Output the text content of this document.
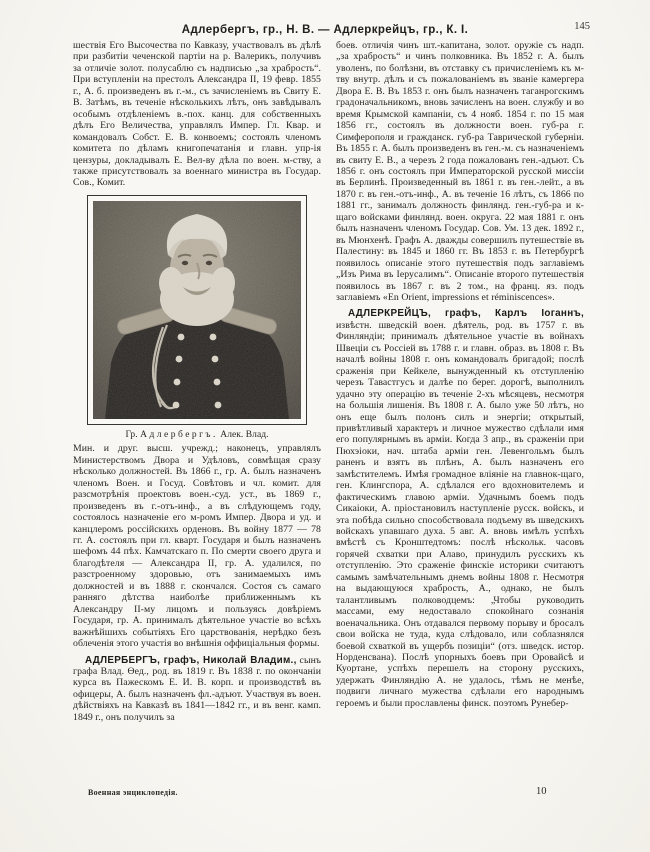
Адлербергъ, гр., Н. В. — Адлеркрейцъ, гр., К. I.	145

шествія Его Высочества по Кавказу, участвовалъ въ дѣлѣ при разбитіи чеченской партіи на р. Валерикъ, получивъ за отличіе золот. полусаблю съ надписью „за храбрость“. При вступленіи на престолъ Александра II, 19 февр. 1855 г., А. б. произведенъ въ г.-м., съ зачисленіемъ въ Свиту Е. В. Затѣмъ, въ теченіе нѣсколькихъ лѣтъ, онъ завѣдывалъ особымъ отдѣленіемъ в.-пох. канц. для собственныхъ дѣлъ Его Величества, управлялъ Импер. Гл. Квар. и командовалъ Собст. Е. В. конвоемъ; состоялъ членомъ комитета по дѣламъ книгопечатанія и главн. упр-ія цензуры, докладывалъ Е. Вел-ву дѣла по воен. м-ству, а также присутствовалъ за военнаго министра въ Государ. Сов., Комит.

Гр. Адлербергъ. Алек. Влад.

Мин. и друг. высш. учрежд.; наконецъ, управлялъ Министерствомъ Двора и Удѣловъ, совмѣщая сразу нѣсколько должностей. Въ 1866 г., гр. А. былъ назначенъ членомъ Воен. и Госуд. Совѣтовъ и чл. комит. для разсмотрѣнія проектовъ воен.-суд. уст., въ 1869 г., произведенъ въ г.-отъ-инф., а въ слѣдующемъ году, состоялось назначеніе его м-ромъ Импер. Двора и уд. и канцлеромъ россійскихъ орденовъ. Въ войну 1877 — 78 гг. А. состоялъ при гл. кварт. Государя и былъ назначенъ шефомъ 44 пѣх. Камчатскаго п. По смерти своего друга и благодѣтеля — Александра II, гр. А. удалился, по разстроенному здоровью, отъ занимаемыхъ имъ должностей и въ 1888 г. скончался. Состоя съ самаго ранняго дѣтства наиболѣе приближеннымъ къ Александру II-му лицомъ и пользуясь довѣріемъ Государя, гр. А. принималъ дѣятельное участіе во всѣхъ важнѣйшихъ событіяхъ Его царствованія, нерѣдко безъ облеченія этого участія во внѣшнія оффиціальныя формы.

АДЛЕРБЕРГЪ, графъ, Николай Владим., сынъ графа Влад. Ѳед., род. въ 1819 г. Въ 1838 г. по окончаніи курса въ Пажескомъ Е. И. В. корп. и производствѣ въ офицеры, А. былъ назначенъ фл.-адъют. Участвуя въ воен. дѣйствіяхъ на Кавказѣ въ 1841—1842 гг., и въ венг. камп. 1849 г., онъ получилъ за

боев. отличія чинъ шт.-капитана, золот. оружіе съ надп. „за храбрость“ и чинъ полковника. Въ 1852 г. А. былъ уволенъ, по болѣзни, въ отставку съ причисленіемъ къ м-тву внутр. дѣлъ и съ пожалованіемъ въ званіе камергера Двора Е. В. Въ 1853 г. онъ былъ назначенъ таганрогскимъ градоначальникомъ, вновь зачисленъ на воен. службу и во время Крымской кампаніи, съ 4 нояб. 1854 г. по 15 мая 1856 гг., состоялъ въ должности воен. губ-ра г. Симферополя и гражданск. губ-ра Таврической губерніи. Въ 1855 г. А. былъ произведенъ въ ген.-м. съ назначеніемъ въ свиту Е. В., а черезъ 2 года пожалованъ ген.-адъют. Съ 1856 г. онъ состоялъ при Императорской русской миссіи въ Берлинѣ. Произведенный въ 1861 г. въ ген.-лейт., а въ 1870 г. въ ген.-отъ-инф., А. въ теченіе 16 лѣтъ, съ 1866 по 1881 гг., занималъ должность финлянд. ген.-губ-ра и к-щаго войсками финлянд. воен. округа. 22 мая 1881 г. онъ былъ назначенъ членомъ Государ. Сов. Ум. 13 дек. 1892 г., въ Мюнхенѣ. Графъ А. дважды совершилъ путешествіе въ Палестину: въ 1845 и 1860 гг. Въ 1853 г. въ Петербургѣ появилось описаніе этого путешествія подъ заглавіемъ „Изъ Рима въ Іерусалимъ“. Описаніе второго путешествія появилось въ 1867 г. въ 2 том., на франц. яз. подъ заглавіемъ «En Orient, impressions et réminiscences».

АДЛЕРКРЕЙЦЪ, графъ, Карлъ Іоганнъ, извѣстн. шведскій воен. дѣятель, род. въ 1757 г. въ Финляндіи; принималъ дѣятельное участіе въ войнахъ Швеціи съ Россіей въ 1788 г. и главн. образ. въ 1808 г. Въ началѣ войны 1808 г. онъ командовалъ бригадой; послѣ сраженія при Кейкеле, вынужденный къ отступленію черезъ Тавастгусъ и далѣе по берег. дорогѣ, выполнилъ удачно эту операцію въ теченіе 2-хъ мѣсяцевъ, несмотря на большія лишенія. Въ 1808 г. А. было уже 50 лѣтъ, но онъ еще былъ полонъ силъ и энергіи; открытый, привѣтливый характеръ и личное мужество сдѣлали имя его популярнымъ въ арміи. Когда 3 апр., въ сраженіи при Пюхэіоки, нач. штаба арміи ген. Левенгольмъ былъ раненъ и взятъ въ плѣнъ, А. былъ назначенъ его замѣстителемъ. Имѣя громадное вліяніе на главнок-щаго, ген. Клингспора, А. сдѣлался его вдохновителемъ и фактическимъ главою арміи. Удачнымъ боемъ подъ Сикаіоки, А. пріостановилъ наступленіе русск. войскъ, и эта побѣда сильно способствовала подъему въ шведскихъ войскахъ упавшаго духа. 5 авг. А. вновь имѣлъ успѣхъ вмѣстѣ съ Кронштедтомъ: послѣ нѣскольк. часовъ горячей схватки при Алаво, принудилъ русскихъ къ отступленію. Это сраженіе финскіе историки считаютъ самымъ замѣчательнымъ днемъ войны 1808 г. Несмотря на выдающуюся храбрость, А., однако, не былъ талантливымъ полководцемъ: „Чтобы руководить массами, ему недоставало спокойнаго сознанія военачальника. Онъ отдавался первому порыву и бросалъ свои войска не туда, куда слѣдовало, или соблазнялся боевой схваткой въ ущербъ позиціи“ (отз. шведск. истор. Норденсвана). Послѣ упорныхъ боевъ при Оровайсѣ и Куортане, успѣхъ перешелъ на сторону русскихъ, удержать Финляндію А. не удалось, тѣмъ не менѣе, подвиги личнаго мужества сдѣлали его народнымъ героемъ и были прославлены финск. поэтомъ Рунебер-

Военная энциклопедія.	10
